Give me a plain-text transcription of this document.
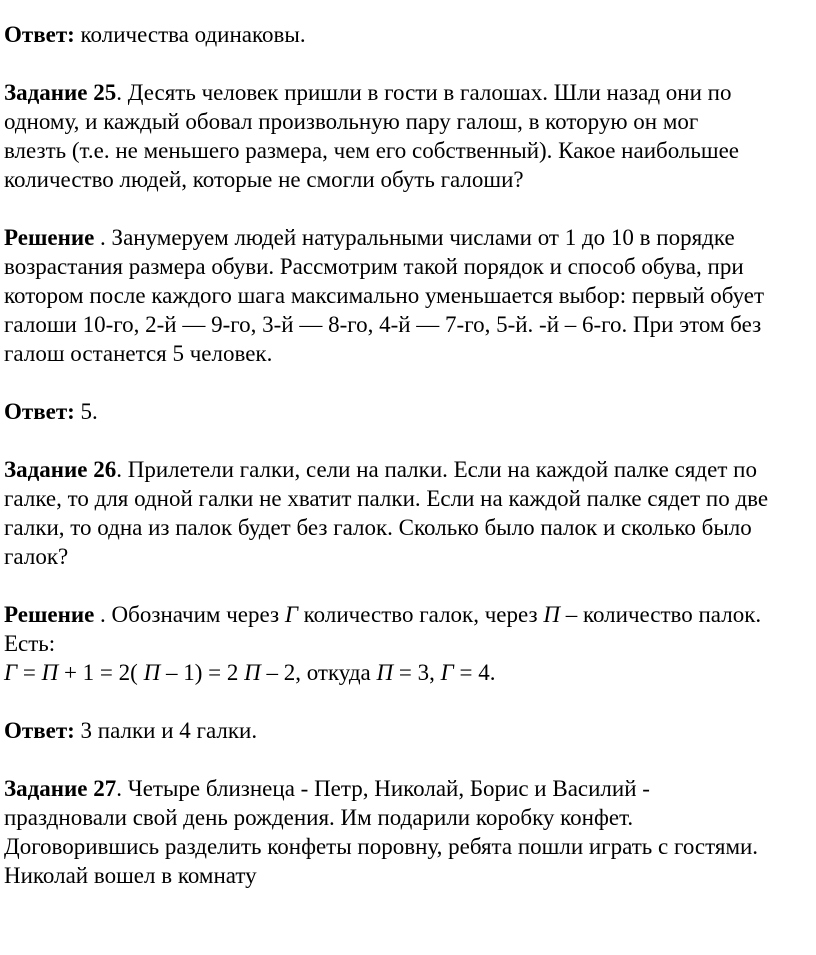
Ответ: количества одинаковы.
Задание 25. Десять человек пришли в гости в галошах. Шли назад они по
одному, и каждый обовал произвольную пару галош, в которую он мог
влезть (т.е. не меньшего размера, чем его собственный). Какое наибольшее
количество людей, которые не смогли обуть галоши?
Решение . Занумеруем людей натуральными числами от 1 до 10 в порядке
возрастания размера обуви. Рассмотрим такой порядок и способ обува, при
котором после каждого шага максимально уменьшается выбор: первый обует
галоши 10-го, 2-й — 9-го, 3-й — 8-го, 4-й — 7-го, 5-й. -й – 6-го. При этом без
галош останется 5 человек.
Ответ: 5.
Задание 26. Прилетели галки, сели на палки. Если на каждой палке сядет по
галке, то для одной галки не хватит палки. Если на каждой палке сядет по две
галки, то одна из палок будет без галок. Сколько было палок и сколько было
галок?
Решение . Обозначим через Г количество галок, через П – количество палок.
Есть:
Г = П + 1 = 2( П – 1) = 2 П – 2, откуда П = 3, Г = 4.
Ответ: 3 палки и 4 галки.
Задание 27. Четыре близнеца - Петр, Николай, Борис и Василий -
праздновали свой день рождения. Им подарили коробку конфет.
Договорившись разделить конфеты поровну, ребята пошли играть с гостями.
Николай вошел в комнату
